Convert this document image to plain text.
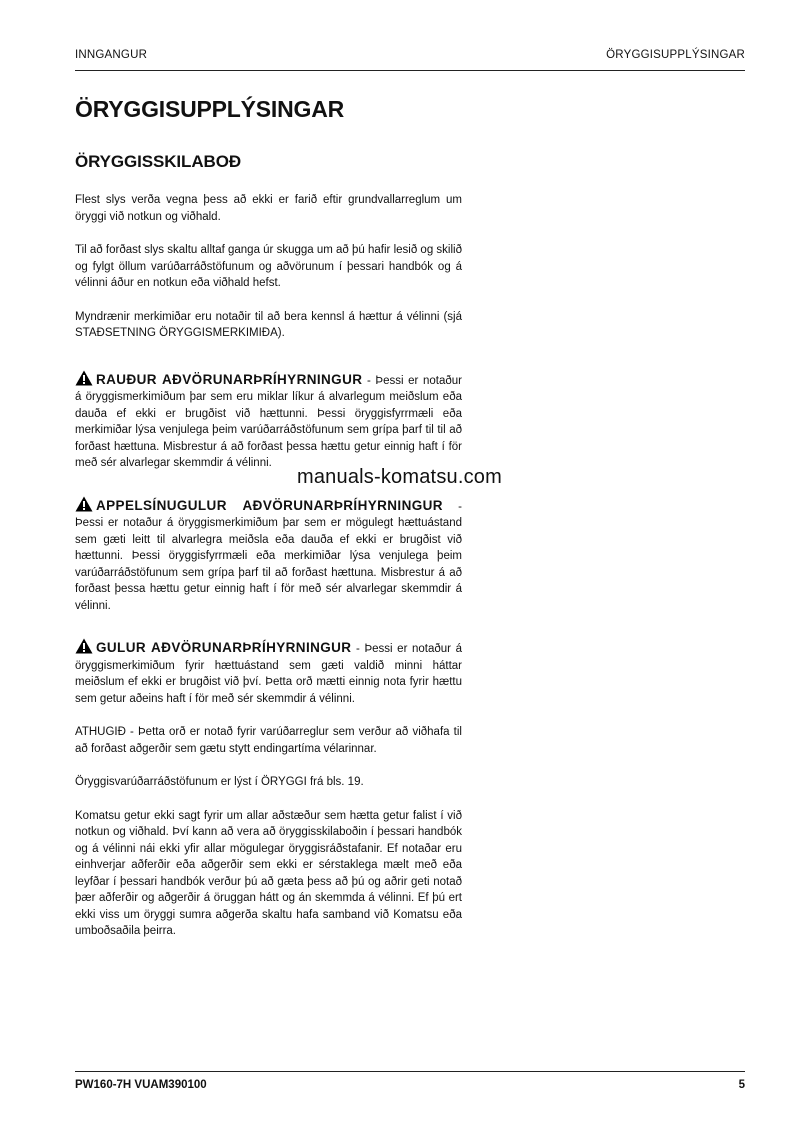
INNGANGUR	ÖRYGGISUPPLÝSINGAR
ÖRYGGISUPPLÝSINGAR
ÖRYGGISSKILABOÐ

Flest slys verða vegna þess að ekki er farið eftir grundvallarreglum um öryggi við notkun og viðhald.

Til að forðast slys skaltu alltaf ganga úr skugga um að þú hafir lesið og skilið og fylgt öllum varúðarráðstöfunum og aðvörunum í þessari handbók og á vélinni áður en notkun eða viðhald hefst.

Myndrænir merkimiðar eru notaðir til að bera kennsl á hættur á vélinni (sjá STAÐSETNING ÖRYGGISMERKIMIÐA).

RAUÐUR AÐVÖRUNARÞRÍHYRNINGUR - Þessi er notaður á öryggismerkimiðum þar sem eru miklar líkur á alvarlegum meiðslum eða dauða ef ekki er brugðist við hættunni. Þessi öryggisfyrrmæli eða merkimiðar lýsa venjulega þeim varúðarráðstöfunum sem grípa þarf til til að forðast hættuna. Misbrestur á að forðast þessa hættu getur einnig haft í för með sér alvarlegar skemmdir á vélinni.

APPELSÍNUGULUR AÐVÖRUNARÞRÍHYRNINGUR - Þessi er notaður á öryggismerkimiðum þar sem er mögulegt hættuástand sem gæti leitt til alvarlegra meiðsla eða dauða ef ekki er brugðist við hættunni. Þessi öryggisfyrrmæli eða merkimiðar lýsa venjulega þeim varúðarráðstöfunum sem grípa þarf til að forðast hættuna. Misbrestur á að forðast þessa hættu getur einnig haft í för með sér alvarlegar skemmdir á vélinni.

GULUR AÐVÖRUNARÞRÍHYRNINGUR - Þessi er notaður á öryggismerkimiðum fyrir hættuástand sem gæti valdið minni háttar meiðslum ef ekki er brugðist við því. Þetta orð mætti einnig nota fyrir hættu sem getur aðeins haft í för með sér skemmdir á vélinni.

ATHUGIÐ - Þetta orð er notað fyrir varúðarreglur sem verður að viðhafa til að forðast aðgerðir sem gætu stytt endingartíma vélarinnar.

Öryggisvarúðarráðstöfunum er lýst í ÖRYGGI frá bls. 19.

Komatsu getur ekki sagt fyrir um allar aðstæður sem hætta getur falist í við notkun og viðhald. Því kann að vera að öryggisskilaboðin í þessari handbók og á vélinni nái ekki yfir allar mögulegar öryggisráðstafanir. Ef notaðar eru einhverjar aðferðir eða aðgerðir sem ekki er sérstaklega mælt með eða leyfðar í þessari handbók verður þú að gæta þess að þú og aðrir geti notað þær aðferðir og aðgerðir á öruggan hátt og án skemmda á vélinni. Ef þú ert ekki viss um öryggi sumra aðgerða skaltu hafa samband við Komatsu eða umboðsaðila þeirra.

manuals-komatsu.com
PW160-7H VUAM390100	5
